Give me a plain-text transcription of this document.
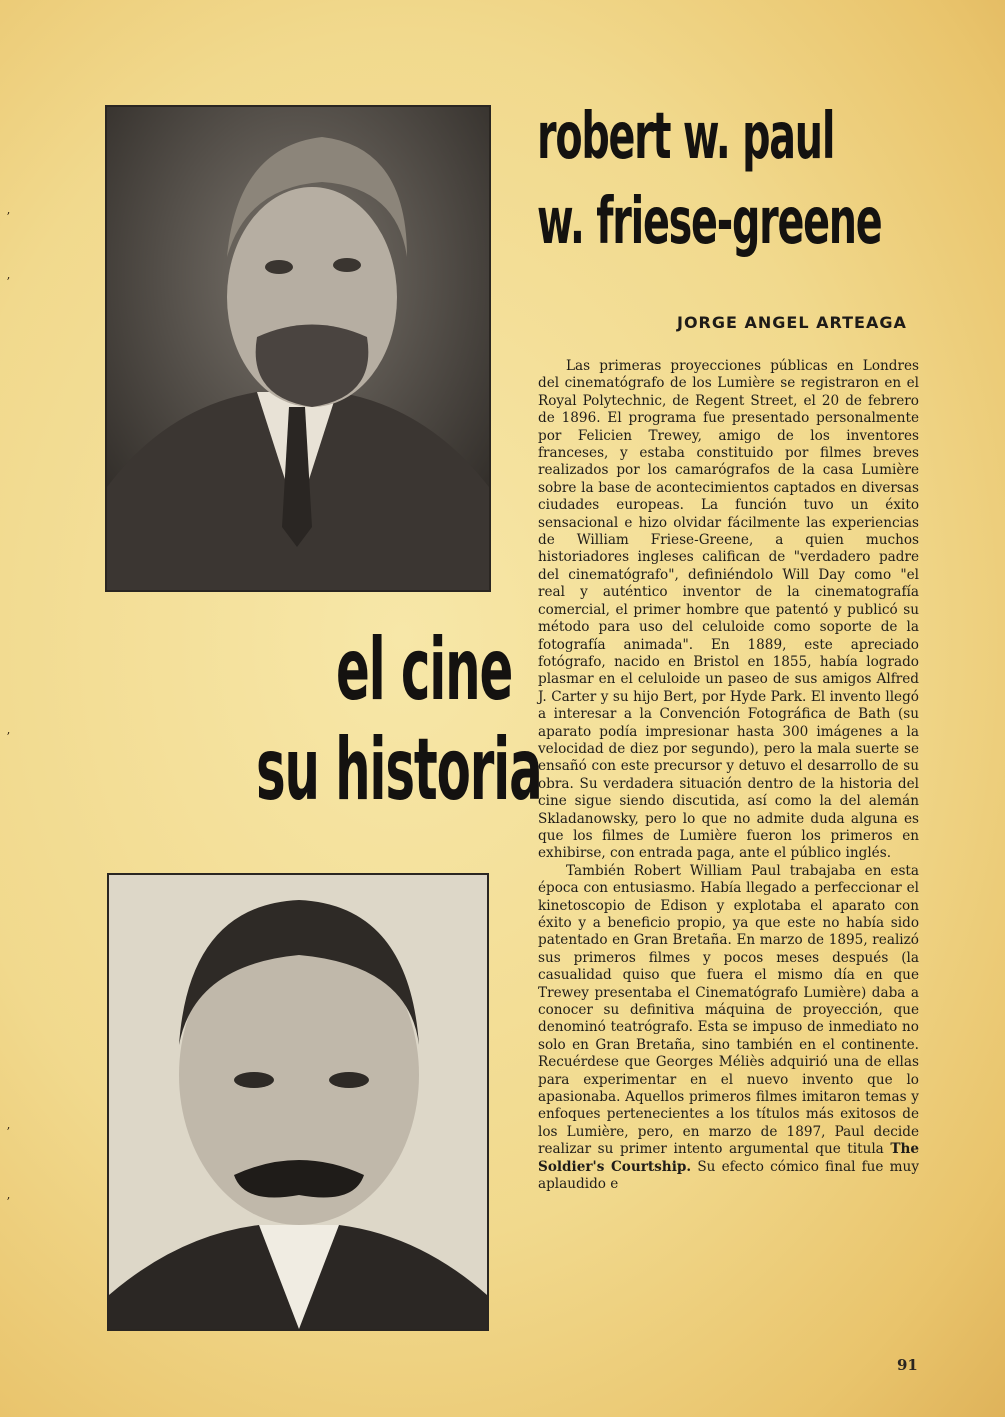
robert w. paul
w. friese-greene
el cine
su historia
JORGE ANGEL ARTEAGA

Las primeras proyecciones públicas en Londres del cinematógrafo de los Lumière se registraron en el Royal Polytechnic, de Regent Street, el 20 de febrero de 1896. El programa fue presentado personalmente por Felicien Trewey, amigo de los inventores franceses, y estaba constituido por filmes breves realizados por los camarógrafos de la casa Lumière sobre la base de acontecimientos captados en diversas ciudades europeas. La función tuvo un éxito sensacional e hizo olvidar fácilmente las experiencias de William Friese-Greene, a quien muchos historiadores ingleses califican de "verdadero padre del cinematógrafo", definiéndolo Will Day como "el real y auténtico inventor de la cinematografía comercial, el primer hombre que patentó y publicó su método para uso del celuloide como soporte de la fotografía animada". En 1889, este apreciado fotógrafo, nacido en Bristol en 1855, había logrado plasmar en el celuloide un paseo de sus amigos Alfred J. Carter y su hijo Bert, por Hyde Park. El invento llegó a interesar a la Convención Fotográfica de Bath (su aparato podía impresionar hasta 300 imágenes a la velocidad de diez por segundo), pero la mala suerte se ensañó con este precursor y detuvo el desarrollo de su obra. Su verdadera situación dentro de la historia del cine sigue siendo discutida, así como la del alemán Skladanowsky, pero lo que no admite duda alguna es que los filmes de Lumière fueron los primeros en exhibirse, con entrada paga, ante el público inglés.

También Robert William Paul trabajaba en esta época con entusiasmo. Había llegado a perfeccionar el kinetoscopio de Edison y explotaba el aparato con éxito y a beneficio propio, ya que este no había sido patentado en Gran Bretaña. En marzo de 1895, realizó sus primeros filmes y pocos meses después (la casualidad quiso que fuera el mismo día en que Trewey presentaba el Cinematógrafo Lumière) daba a conocer su definitiva máquina de proyección, que denominó teatrógrafo. Esta se impuso de inmediato no solo en Gran Bretaña, sino también en el continente. Recuérdese que Georges Méliès adquirió una de ellas para experimentar en el nuevo invento que lo apasionaba. Aquellos primeros filmes imitaron temas y enfoques pertenecientes a los títulos más exitosos de los Lumière, pero, en marzo de 1897, Paul decide realizar su primer intento argumental que titula The Soldier's Courtship. Su efecto cómico final fue muy aplaudido e

91
ʼ
ʼ
ʼ
ʼ
ʼ
